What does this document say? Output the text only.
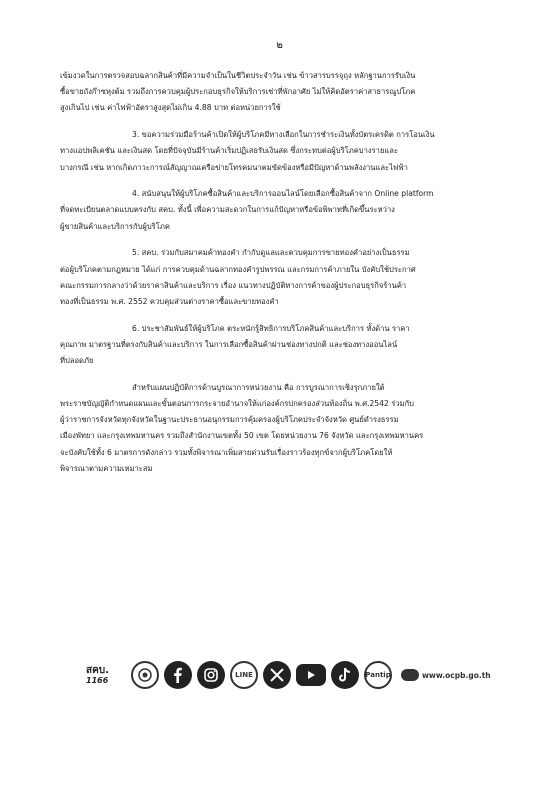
๒

เข้มงวดในการตรวจสอบฉลากสินค้าที่มีความจำเป็นในชีวิตประจำวัน เช่น ข้าวสารบรรจุถุง หลักฐานการรับเงิน
ซื้อขายถังก๊าซหุงต้ม รวมถึงการควบคุมผู้ประกอบธุรกิจให้บริการเช่าที่พักอาศัย ไม่ให้คิดอัตราค่าสาธารณูปโภค
สูงเกินไป เช่น ค่าไฟฟ้าอัตราสูงสุดไม่เกิน 4.88 บาท ต่อหน่วยการใช้

3. ขอความร่วมมือร้านค้าเปิดให้ผู้บริโภคมีทางเลือกในการชำระเงินทั้งบัตรเครดิต การโอนเงิน
ทางแอปพลิเคชัน และเงินสด โดยที่ปัจจุบันมีร้านค้าเริ่มปฏิเสธรับเงินสด ซึ่งกระทบต่อผู้บริโภคบางรายและ
บางกรณี เช่น หากเกิดภาวะการณ์สัญญาณเครือข่ายโทรคมนาคมขัดข้องหรือมีปัญหาด้านพลังงานและไฟฟ้า

4. สนับสนุนให้ผู้บริโภคซื้อสินค้าและบริการออนไลน์โดยเลือกซื้อสินค้าจาก Online platform
ที่จดทะเบียนตลาดแบบตรงกับ สคบ. ทั้งนี้ เพื่อความสะดวกในการแก้ปัญหาหรือข้อพิพาทที่เกิดขึ้นระหว่าง
ผู้ขายสินค้าและบริการกับผู้บริโภค

5. สคบ. ร่วมกับสมาคมค้าทองคำ กำกับดูแลและควบคุมการขายทองคำอย่างเป็นธรรม
ต่อผู้บริโภคตามกฎหมาย ได้แก่ การควบคุมด้านฉลากทองคำรูปพรรณ และกรมการค้าภายใน บังคับใช้ประกาศ
คณะกรรมการกลางว่าด้วยราคาสินค้าและบริการ เรื่อง แนวทางปฏิบัติทางการค้าของผู้ประกอบธุรกิจร้านค้า
ทองที่เป็นธรรม พ.ศ. 2552 ควบคุมส่วนต่างราคาซื้อและขายทองคำ

6. ประชาสัมพันธ์ให้ผู้บริโภค ตระหนักรู้สิทธิการบริโภคสินค้าและบริการ ทั้งด้าน ราคา
คุณภาพ มาตรฐานที่ตรงกับสินค้าและบริการ ในการเลือกซื้อสินค้าผ่านช่องทางปกติ และช่องทางออนไลน์
ที่ปลอดภัย

สำหรับแผนปฏิบัติการด้านบูรณาการหน่วยงาน คือ การบูรณาการเชิงรุกภายใต้
พระราชบัญญัติกำหนดแผนและขั้นตอนการกระจายอำนาจให้แก่องค์กรปกครองส่วนท้องถิ่น พ.ศ.2542 ร่วมกับ
ผู้ว่าราชการจังหวัดทุกจังหวัดในฐานะประธานอนุกรรมการคุ้มครองผู้บริโภคประจำจังหวัด ศูนย์ดำรงธรรม
เมืองพัทยา และกรุงเทพมหานคร รวมถึงสำนักงานเขตทั้ง 50 เขต โดยหน่วยงาน 76 จังหวัด และกรุงเทพมหานคร
จะบังคับใช้ทั้ง 6 มาตรการดังกล่าว รวมทั้งพิจารณาเพิ่มสายด่วนรับเรื่องราวร้องทุกข์จากผู้บริโภคโดยให้
พิจารณาตามความเหมาะสม

สคบ.
1166
LINE	Pantip	www.ocpb.go.th
